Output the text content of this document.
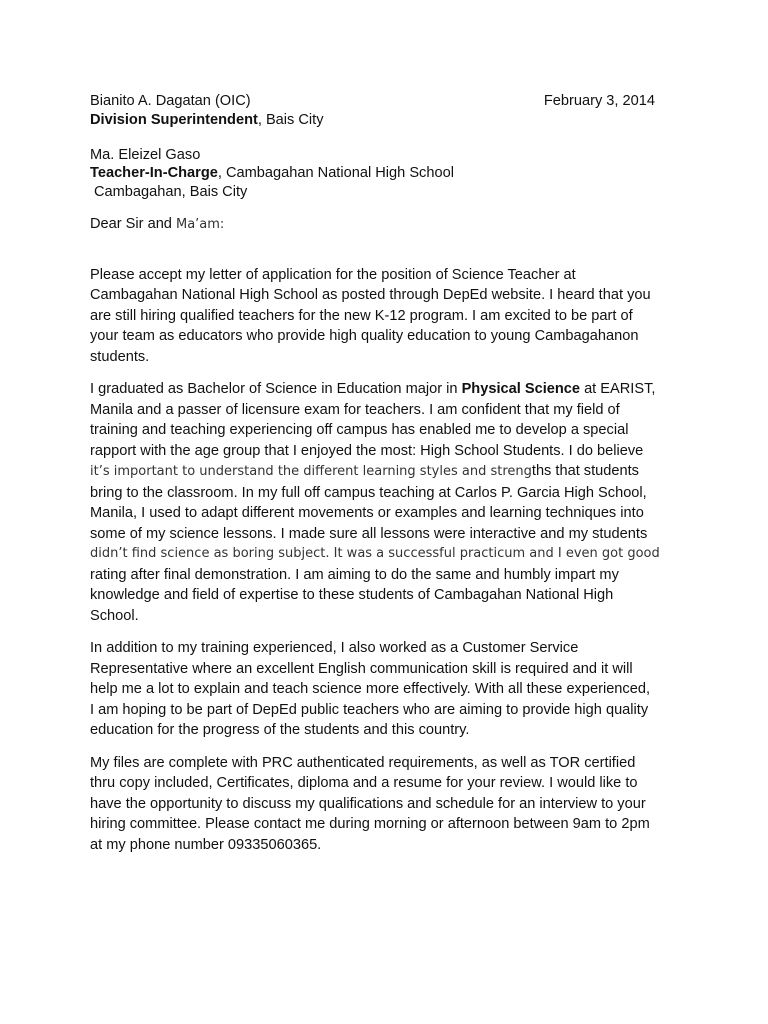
Bianito A. Dagatan (OIC)	February 3, 2014
Division Superintendent, Bais City
Ma. Eleizel Gaso
Teacher-In-Charge, Cambagahan National High School
Cambagahan, Bais City
Dear Sir and Ma’am:
Please accept my letter of application for the position of Science Teacher at
Cambagahan National High School as posted through DepEd website. I heard that you
are still hiring qualified teachers for the new K-12 program. I am excited to be part of
your team as educators who provide high quality education to young Cambagahanon
students.
I graduated as Bachelor of Science in Education major in Physical Science at EARIST,
Manila and a passer of licensure exam for teachers. I am confident that my field of
training and teaching experiencing off campus has enabled me to develop a special
rapport with the age group that I enjoyed the most: High School Students. I do believe
it’s important to understand the different learning styles and strengths that students
bring to the classroom. In my full off campus teaching at Carlos P. Garcia High School,
Manila, I used to adapt different movements or examples and learning techniques into
some of my science lessons. I made sure all lessons were interactive and my students
didn’t find science as boring subject. It was a successful practicum and I even got good
rating after final demonstration. I am aiming to do the same and humbly impart my
knowledge and field of expertise to these students of Cambagahan National High
School.
In addition to my training experienced, I also worked as a Customer Service
Representative where an excellent English communication skill is required and it will
help me a lot to explain and teach science more effectively. With all these experienced,
I am hoping to be part of DepEd public teachers who are aiming to provide high quality
education for the progress of the students and this country.
My files are complete with PRC authenticated requirements, as well as TOR certified
thru copy included, Certificates, diploma and a resume for your review. I would like to
have the opportunity to discuss my qualifications and schedule for an interview to your
hiring committee. Please contact me during morning or afternoon between 9am to 2pm
at my phone number 09335060365.
